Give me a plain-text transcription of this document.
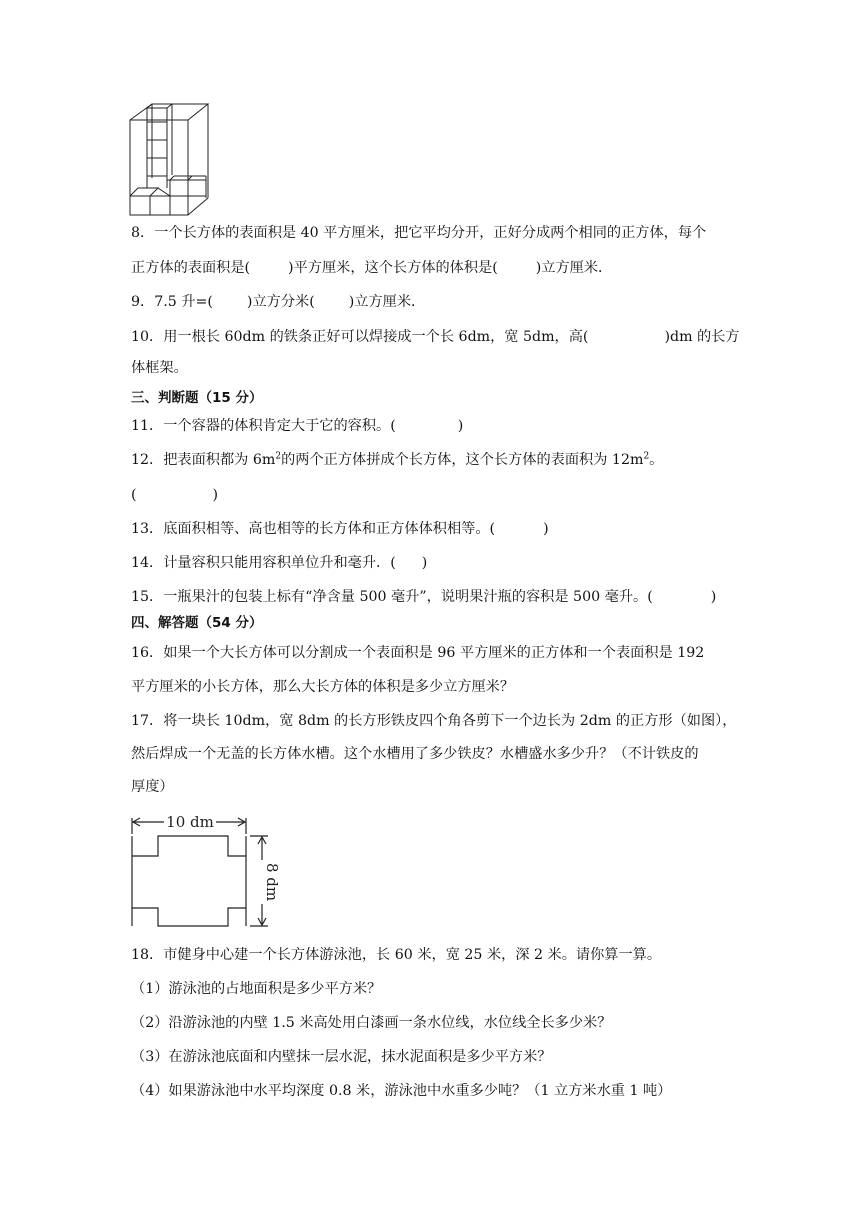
8．一个长方体的表面积是 40 平方厘米，把它平均分开，正好分成两个相同的正方体，每个
正方体的表面积是(	)平方厘米，这个长方体的体积是(	)立方厘米．
9．7.5 升=( )立方分米( )立方厘米．
10．用一根长 60dm 的铁条正好可以焊接成一个长 6dm，宽 5dm，高(	)dm 的长方
体框架。
三、判断题（15 分）
11．一个容器的体积肯定大于它的容积。(	)
12．把表面积都为 $6m^2$的两个正方体拼成个长方体，这个长方体的表面积为 $12m^2$。
(	)
13．底面积相等、高也相等的长方体和正方体体积相等。(	)
14．计量容积只能用容积单位升和毫升．( )
15．一瓶果汁的包装上标有“净含量 500 毫升”，说明果汁瓶的容积是 500 毫升。(	)
四、解答题（54 分）
16．如果一个大长方体可以分割成一个表面积是 96 平方厘米的正方体和一个表面积是 192
平方厘米的小长方体，那么大长方体的体积是多少立方厘米？
17．将一块长 10dm，宽 8dm 的长方形铁皮四个角各剪下一个边长为 2dm 的正方形（如图），
然后焊成一个无盖的长方体水槽。这个水槽用了多少铁皮？水槽盛水多少升？（不计铁皮的
厚度）
10 dm
8 dm
18．市健身中心建一个长方体游泳池，长 60 米，宽 25 米，深 2 米。请你算一算。
（1）游泳池的占地面积是多少平方米？
（2）沿游泳池的内壁 1.5 米高处用白漆画一条水位线，水位线全长多少米？
（3）在游泳池底面和内壁抹一层水泥，抹水泥面积是多少平方米？
（4）如果游泳池中水平均深度 0.8 米，游泳池中水重多少吨？（1 立方米水重 1 吨）
